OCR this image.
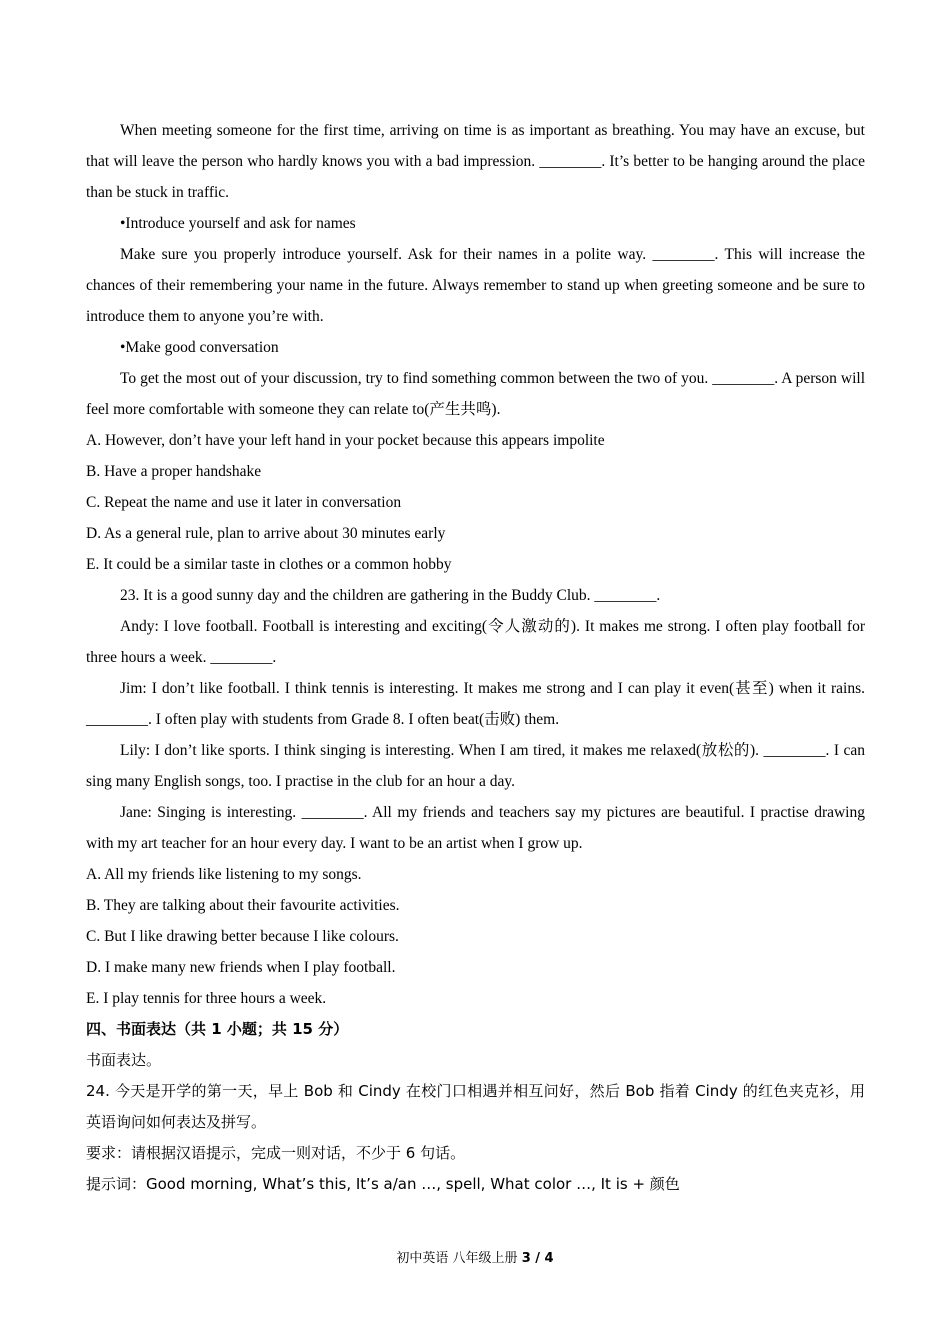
When meeting someone for the first time, arriving on time is as important as breathing. You may have an excuse, but that will leave the person who hardly knows you with a bad impression. ________. It’s better to be hanging around the place than be stuck in traffic.

•Introduce yourself and ask for names

Make sure you properly introduce yourself. Ask for their names in a polite way. ________. This will increase the chances of their remembering your name in the future. Always remember to stand up when greeting someone and be sure to introduce them to anyone you’re with.

•Make good conversation

To get the most out of your discussion, try to find something common between the two of you. ________. A person will feel more comfortable with someone they can relate to(产生共鸣).

A. However, don’t have your left hand in your pocket because this appears impolite

B. Have a proper handshake

C. Repeat the name and use it later in conversation

D. As a general rule, plan to arrive about 30 minutes early

E. It could be a similar taste in clothes or a common hobby

23. It is a good sunny day and the children are gathering in the Buddy Club. ________.

Andy: I love football. Football is interesting and exciting(令人激动的). It makes me strong. I often play football for three hours a week. ________.

Jim: I don’t like football. I think tennis is interesting. It makes me strong and I can play it even(甚至) when it rains. ________. I often play with students from Grade 8. I often beat(击败) them.

Lily: I don’t like sports. I think singing is interesting. When I am tired, it makes me relaxed(放松的). ________. I can sing many English songs, too. I practise in the club for an hour a day.

Jane: Singing is interesting. ________. All my friends and teachers say my pictures are beautiful. I practise drawing with my art teacher for an hour every day. I want to be an artist when I grow up.

A. All my friends like listening to my songs.

B. They are talking about their favourite activities.

C. But I like drawing better because I like colours.

D. I make many new friends when I play football.

E. I play tennis for three hours a week.

四、书面表达（共 1 小题；共 15 分）

书面表达。

24. 今天是开学的第一天，早上 Bob 和 Cindy 在校门口相遇并相互问好，然后 Bob 指着 Cindy 的红色夹克衫，用英语询问如何表达及拼写。

要求：请根据汉语提示，完成一则对话，不少于 6 句话。

提示词：Good morning, What’s this, It’s a/an …, spell, What color …, It is + 颜色

初中英语 八年级上册 3 / 4
